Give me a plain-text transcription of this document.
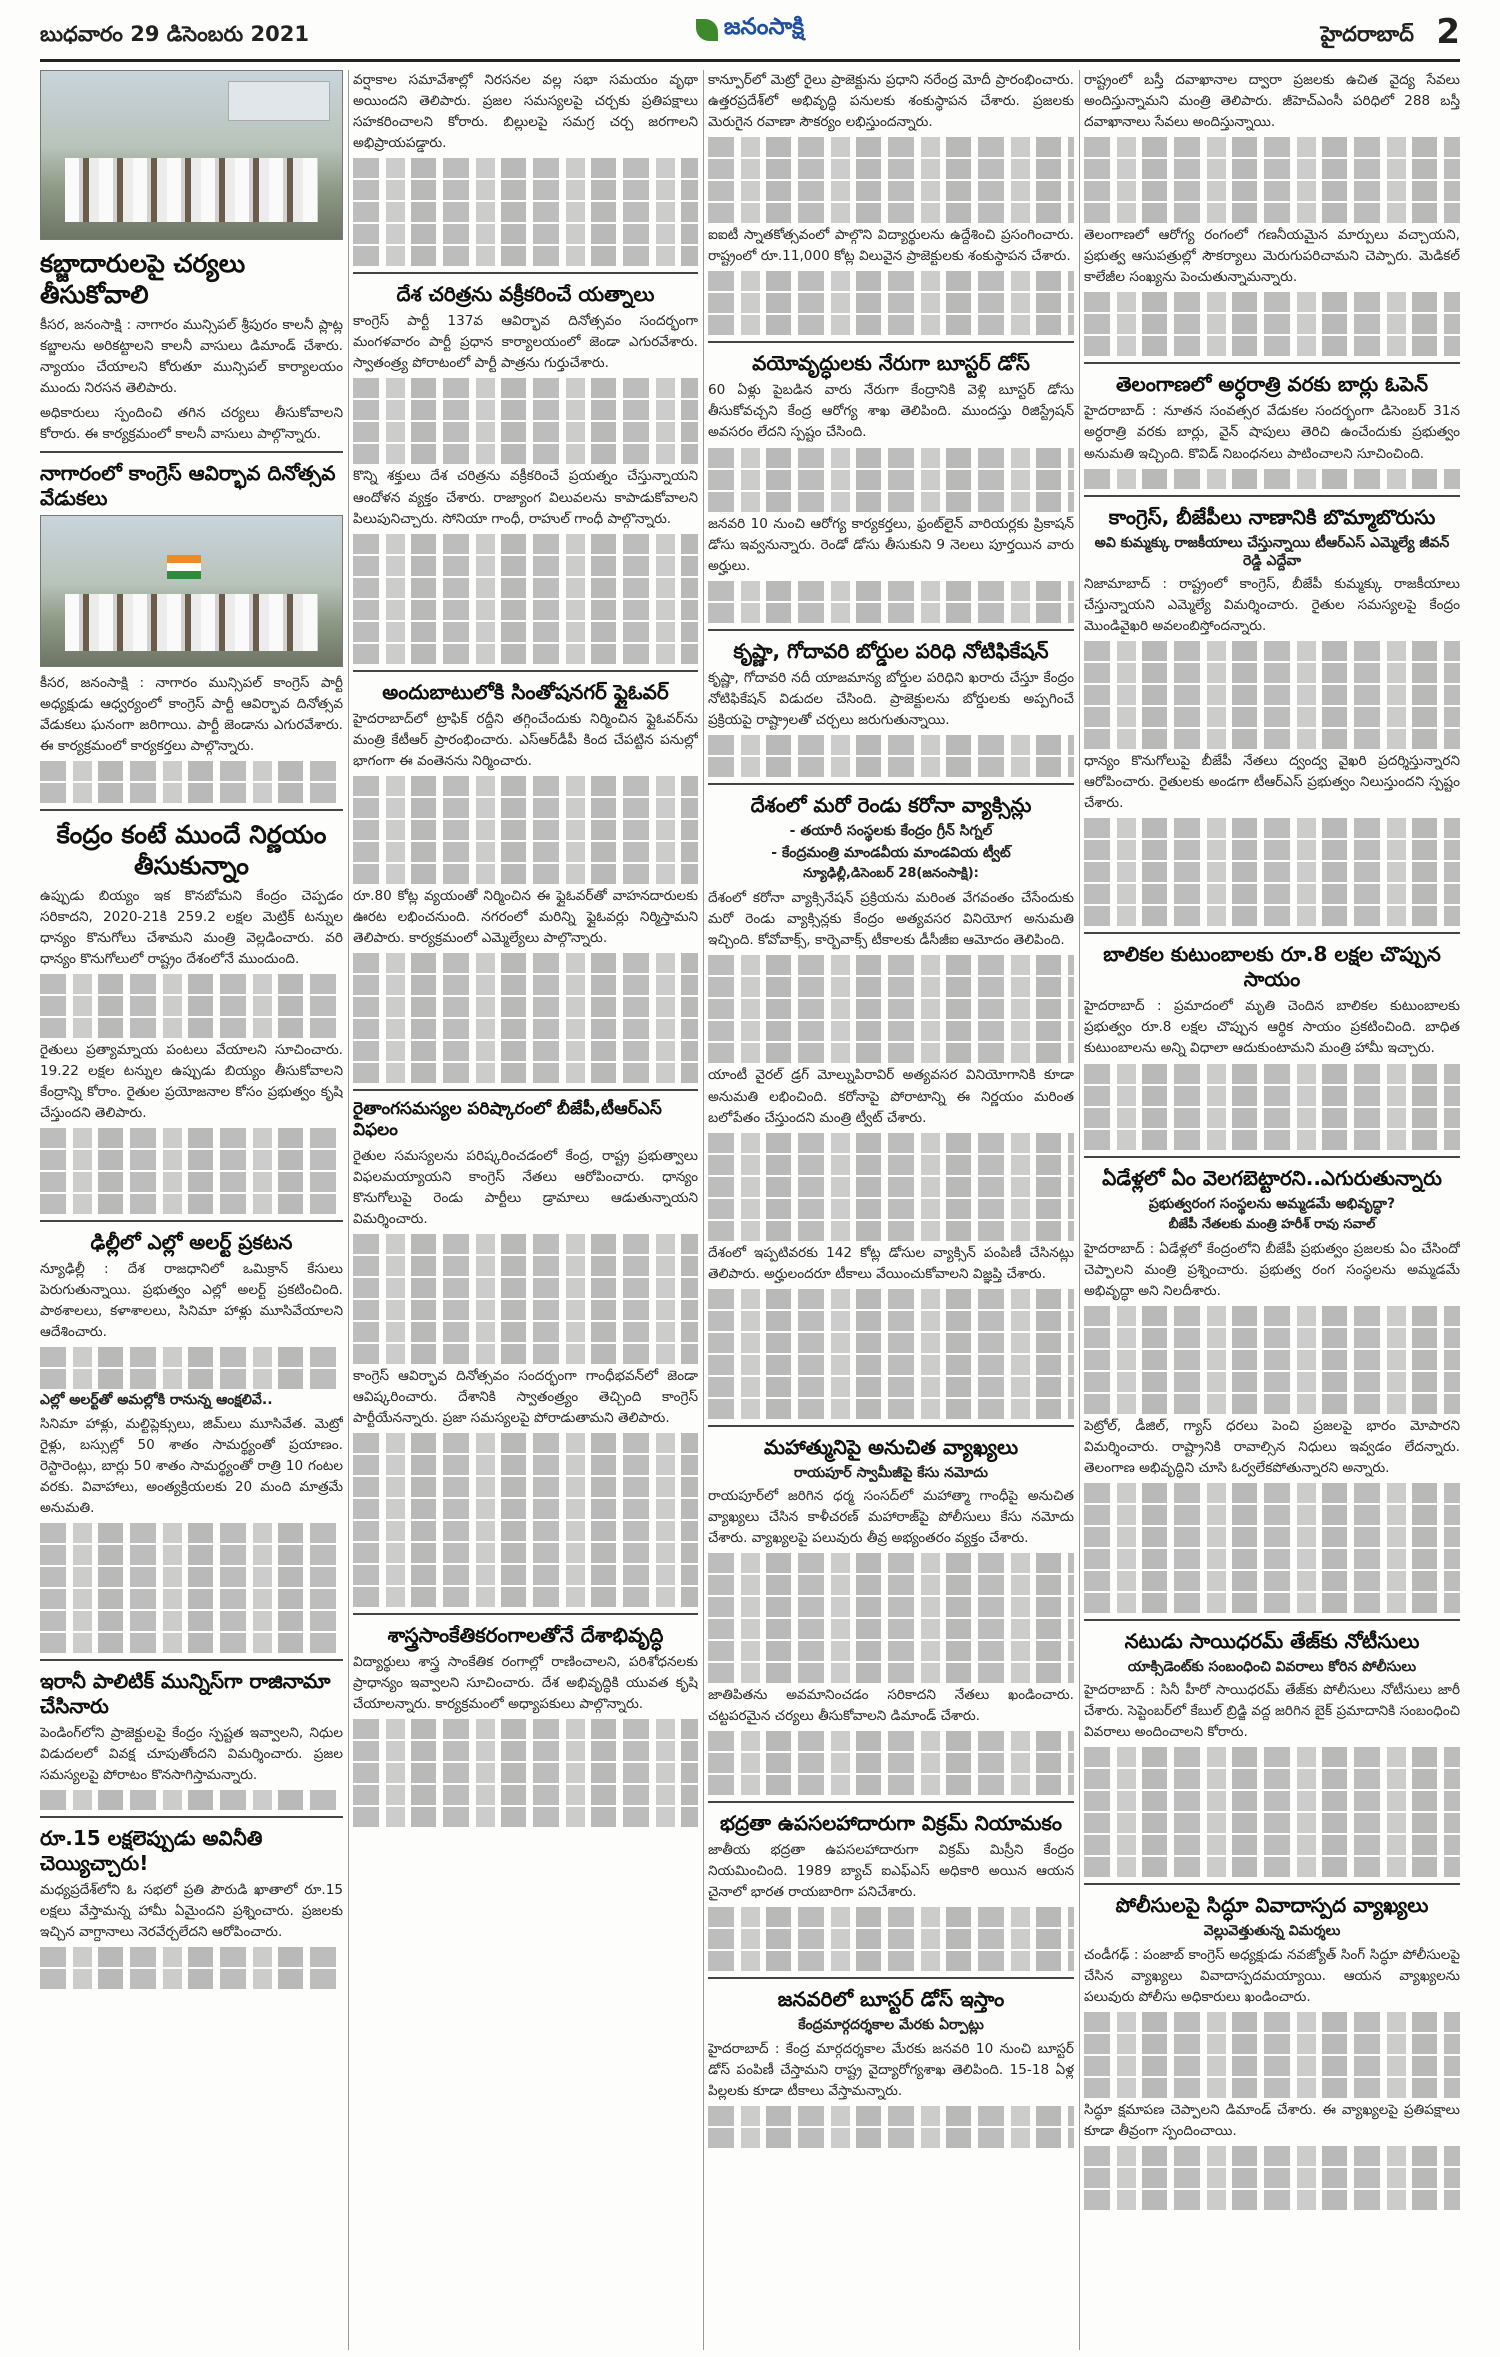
బుధవారం 29 డిసెంబరు 2021	జనంసాక్షి	హైదరాబాద్ 2
కబ్జాదారులపై చర్యలు తీసుకోవాలి

కీసర, జనంసాక్షి : నాగారం మున్సిపల్ శ్రీపురం కాలనీ ప్లాట్ల కబ్జాలను అరికట్టాలని కాలనీ వాసులు డిమాండ్ చేశారు. న్యాయం చేయాలని కోరుతూ మున్సిపల్ కార్యాలయం ముందు నిరసన తెలిపారు.

అధికారులు స్పందించి తగిన చర్యలు తీసుకోవాలని కోరారు. ఈ కార్యక్రమంలో కాలనీ వాసులు పాల్గొన్నారు.

నాగారంలో కాంగ్రెస్ ఆవిర్భావ దినోత్సవ వేడుకలు

కీసర, జనంసాక్షి : నాగారం మున్సిపల్ కాంగ్రెస్ పార్టీ అధ్యక్షుడు ఆధ్వర్యంలో కాంగ్రెస్ పార్టీ ఆవిర్భావ దినోత్సవ వేడుకలు ఘనంగా జరిగాయి. పార్టీ జెండాను ఎగురవేశారు. ఈ కార్యక్రమంలో కార్యకర్తలు పాల్గొన్నారు.

కేంద్రం కంటే ముందే నిర్ణయం తీసుకున్నాం

ఉప్పుడు బియ్యం ఇక కొనబోమని కేంద్రం చెప్పడం సరికాదని, 2020-21కి 259.2 లక్షల మెట్రిక్ టన్నుల ధాన్యం కొనుగోలు చేశామని మంత్రి వెల్లడించారు. వరి ధాన్యం కొనుగోలులో రాష్ట్రం దేశంలోనే ముందుంది.

రైతులు ప్రత్యామ్నాయ పంటలు వేయాలని సూచించారు. 19.22 లక్షల టన్నుల ఉప్పుడు బియ్యం తీసుకోవాలని కేంద్రాన్ని కోరాం. రైతుల ప్రయోజనాల కోసం ప్రభుత్వం కృషి చేస్తుందని తెలిపారు.

ఢిల్లీలో ఎల్లో అలర్ట్ ప్రకటన

న్యూఢిల్లీ : దేశ రాజధానిలో ఒమిక్రాన్ కేసులు పెరుగుతున్నాయి. ప్రభుత్వం ఎల్లో అలర్ట్ ప్రకటించింది. పాఠశాలలు, కళాశాలలు, సినిమా హాళ్లు మూసివేయాలని ఆదేశించారు.

ఎల్లో అలర్ట్‌తో అమల్లోకి రానున్న ఆంక్షలివే..

సినిమా హాళ్లు, మల్టిప్లెక్సులు, జిమ్‌లు మూసివేత. మెట్రో రైళ్లు, బస్సుల్లో 50 శాతం సామర్థ్యంతో ప్రయాణం. రెస్టారెంట్లు, బార్లు 50 శాతం సామర్థ్యంతో రాత్రి 10 గంటల వరకు. వివాహాలు, అంత్యక్రియలకు 20 మంది మాత్రమే అనుమతి.

ఇరానీ పాలిటిక్ మున్నిస్‌గా రాజినామా చేసినారు

పెండింగ్‌లోని ప్రాజెక్టులపై కేంద్రం స్పష్టత ఇవ్వాలని, నిధుల విడుదలలో వివక్ష చూపుతోందని విమర్శించారు. ప్రజల సమస్యలపై పోరాటం కొనసాగిస్తామన్నారు.

రూ.15 లక్షలెప్పుడు అవినీతి చెయ్యిచ్చారు!

మధ్యప్రదేశ్‌లోని ఓ సభలో ప్రతి పౌరుడి ఖాతాలో రూ.15 లక్షలు వేస్తామన్న హామీ ఏమైందని ప్రశ్నించారు. ప్రజలకు ఇచ్చిన వాగ్దానాలు నెరవేర్చలేదని ఆరోపించారు.

వర్షాకాల సమావేశాల్లో నిరసనల వల్ల సభా సమయం వృథా అయిందని తెలిపారు. ప్రజల సమస్యలపై చర్చకు ప్రతిపక్షాలు సహకరించాలని కోరారు. బిల్లులపై సమగ్ర చర్చ జరగాలని అభిప్రాయపడ్డారు.

దేశ చరిత్రను వక్రీకరించే యత్నాలు

కాంగ్రెస్ పార్టీ 137వ ఆవిర్భావ దినోత్సవం సందర్భంగా మంగళవారం పార్టీ ప్రధాన కార్యాలయంలో జెండా ఎగురవేశారు. స్వాతంత్ర్య పోరాటంలో పార్టీ పాత్రను గుర్తుచేశారు.

కొన్ని శక్తులు దేశ చరిత్రను వక్రీకరించే ప్రయత్నం చేస్తున్నాయని ఆందోళన వ్యక్తం చేశారు. రాజ్యాంగ విలువలను కాపాడుకోవాలని పిలుపునిచ్చారు. సోనియా గాంధీ, రాహుల్ గాంధీ పాల్గొన్నారు.

అందుబాటులోకి సింతోషనగర్ ఫ్లైఓవర్

హైదరాబాద్‌లో ట్రాఫిక్ రద్దీని తగ్గించేందుకు నిర్మించిన ఫ్లైఓవర్‌ను మంత్రి కేటీఆర్ ప్రారంభించారు. ఎస్ఆర్‌డీపీ కింద చేపట్టిన పనుల్లో భాగంగా ఈ వంతెనను నిర్మించారు.

రూ.80 కోట్ల వ్యయంతో నిర్మించిన ఈ ఫ్లైఓవర్‌తో వాహనదారులకు ఊరట లభించనుంది. నగరంలో మరిన్ని ఫ్లైఓవర్లు నిర్మిస్తామని తెలిపారు. కార్యక్రమంలో ఎమ్మెల్యేలు పాల్గొన్నారు.

రైతాంగసమస్యల పరిష్కారంలో బీజేపీ,టీఆర్ఎస్ విఫలం

రైతుల సమస్యలను పరిష్కరించడంలో కేంద్ర, రాష్ట్ర ప్రభుత్వాలు విఫలమయ్యాయని కాంగ్రెస్ నేతలు ఆరోపించారు. ధాన్యం కొనుగోలుపై రెండు పార్టీలు డ్రామాలు ఆడుతున్నాయని విమర్శించారు.

కాంగ్రెస్ ఆవిర్భావ దినోత్సవం సందర్భంగా గాంధీభవన్‌లో జెండా ఆవిష్కరించారు. దేశానికి స్వాతంత్ర్యం తెచ్చింది కాంగ్రెస్ పార్టీయేనన్నారు. ప్రజా సమస్యలపై పోరాడుతామని తెలిపారు.

శాస్త్రసాంకేతికరంగాలతోనే దేశాభివృద్ధి

విద్యార్థులు శాస్త్ర సాంకేతిక రంగాల్లో రాణించాలని, పరిశోధనలకు ప్రాధాన్యం ఇవ్వాలని సూచించారు. దేశ అభివృద్ధికి యువత కృషి చేయాలన్నారు. కార్యక్రమంలో అధ్యాపకులు పాల్గొన్నారు.

కాన్పూర్‌లో మెట్రో రైలు ప్రాజెక్టును ప్రధాని నరేంద్ర మోదీ ప్రారంభించారు. ఉత్తరప్రదేశ్‌లో అభివృద్ధి పనులకు శంకుస్థాపన చేశారు. ప్రజలకు మెరుగైన రవాణా సౌకర్యం లభిస్తుందన్నారు.

ఐఐటీ స్నాతకోత్సవంలో పాల్గొని విద్యార్థులను ఉద్దేశించి ప్రసంగించారు. రాష్ట్రంలో రూ.11,000 కోట్ల విలువైన ప్రాజెక్టులకు శంకుస్థాపన చేశారు.

వయోవృద్ధులకు నేరుగా బూస్టర్ డోస్

60 ఏళ్లు పైబడిన వారు నేరుగా కేంద్రానికి వెళ్లి బూస్టర్ డోసు తీసుకోవచ్చని కేంద్ర ఆరోగ్య శాఖ తెలిపింది. ముందస్తు రిజిస్ట్రేషన్ అవసరం లేదని స్పష్టం చేసింది.

జనవరి 10 నుంచి ఆరోగ్య కార్యకర్తలు, ఫ్రంట్‌లైన్ వారియర్లకు ప్రికాషన్ డోసు ఇవ్వనున్నారు. రెండో డోసు తీసుకుని 9 నెలలు పూర్తయిన వారు అర్హులు.

కృష్ణా, గోదావరి బోర్డుల పరిధి నోటిఫికేషన్

కృష్ణా, గోదావరి నదీ యాజమాన్య బోర్డుల పరిధిని ఖరారు చేస్తూ కేంద్రం నోటిఫికేషన్ విడుదల చేసింది. ప్రాజెక్టులను బోర్డులకు అప్పగించే ప్రక్రియపై రాష్ట్రాలతో చర్చలు జరుగుతున్నాయి.

దేశంలో మరో రెండు కరోనా వ్యాక్సిన్లు
- తయారీ సంస్థలకు కేంద్రం గ్రీన్ సిగ్నల్
- కేంద్రమంత్రి మాండవీయ మాండవియ ట్వీట్
న్యూఢిల్లీ,డిసెంబర్ 28(జనంసాక్షి):

దేశంలో కరోనా వ్యాక్సినేషన్ ప్రక్రియను మరింత వేగవంతం చేసేందుకు మరో రెండు వ్యాక్సిన్లకు కేంద్రం అత్యవసర వినియోగ అనుమతి ఇచ్చింది. కోవోవాక్స్, కార్బెవాక్స్ టీకాలకు డీసీజీఐ ఆమోదం తెలిపింది.

యాంటీ వైరల్ డ్రగ్ మోల్నుపిరావిర్ అత్యవసర వినియోగానికి కూడా అనుమతి లభించింది. కరోనాపై పోరాటాన్ని ఈ నిర్ణయం మరింత బలోపేతం చేస్తుందని మంత్రి ట్వీట్ చేశారు.

దేశంలో ఇప్పటివరకు 142 కోట్ల డోసుల వ్యాక్సిన్ పంపిణీ చేసినట్లు తెలిపారు. అర్హులందరూ టీకాలు వేయించుకోవాలని విజ్ఞప్తి చేశారు.

మహాత్మునిపై అనుచిత వ్యాఖ్యలు
రాయపూర్ స్వామీజీపై కేసు నమోదు

రాయపూర్‌లో జరిగిన ధర్మ సంసద్‌లో మహాత్మా గాంధీపై అనుచిత వ్యాఖ్యలు చేసిన కాళీచరణ్ మహారాజ్‌పై పోలీసులు కేసు నమోదు చేశారు. వ్యాఖ్యలపై పలువురు తీవ్ర అభ్యంతరం వ్యక్తం చేశారు.

జాతిపితను అవమానించడం సరికాదని నేతలు ఖండించారు. చట్టపరమైన చర్యలు తీసుకోవాలని డిమాండ్ చేశారు.

భద్రతా ఉపసలహాదారుగా విక్రమ్ నియామకం

జాతీయ భద్రతా ఉపసలహాదారుగా విక్రమ్ మిస్రీని కేంద్రం నియమించింది. 1989 బ్యాచ్ ఐఎఫ్ఎస్ అధికారి అయిన ఆయన చైనాలో భారత రాయబారిగా పనిచేశారు.

జనవరిలో బూస్టర్ డోస్ ఇస్తాం
కేంద్రమార్గదర్శకాల మేరకు ఏర్పాట్లు

హైదరాబాద్ : కేంద్ర మార్గదర్శకాల మేరకు జనవరి 10 నుంచి బూస్టర్ డోస్ పంపిణీ చేస్తామని రాష్ట్ర వైద్యారోగ్యశాఖ తెలిపింది. 15-18 ఏళ్ల పిల్లలకు కూడా టీకాలు వేస్తామన్నారు.

రాష్ట్రంలో బస్తీ దవాఖానాల ద్వారా ప్రజలకు ఉచిత వైద్య సేవలు అందిస్తున్నామని మంత్రి తెలిపారు. జీహెచ్ఎంసీ పరిధిలో 288 బస్తీ దవాఖానాలు సేవలు అందిస్తున్నాయి.

తెలంగాణలో ఆరోగ్య రంగంలో గణనీయమైన మార్పులు వచ్చాయని, ప్రభుత్వ ఆసుపత్రుల్లో సౌకర్యాలు మెరుగుపరిచామని చెప్పారు. మెడికల్ కాలేజీల సంఖ్యను పెంచుతున్నామన్నారు.

తెలంగాణలో అర్ధరాత్రి వరకు బార్లు ఓపెన్

హైదరాబాద్ : నూతన సంవత్సర వేడుకల సందర్భంగా డిసెంబర్ 31న అర్ధరాత్రి వరకు బార్లు, వైన్ షాపులు తెరిచి ఉంచేందుకు ప్రభుత్వం అనుమతి ఇచ్చింది. కొవిడ్ నిబంధనలు పాటించాలని సూచించింది.

కాంగ్రెస్, బీజేపీలు నాణానికి బొమ్మాబొరుసు
అవి కుమ్మక్కు రాజకీయాలు చేస్తున్నాయి టీఆర్ఎస్ ఎమ్మెల్యే జీవన్ రెడ్డి ఎద్దేవా

నిజామాబాద్ : రాష్ట్రంలో కాంగ్రెస్, బీజేపీ కుమ్మక్కు రాజకీయాలు చేస్తున్నాయని ఎమ్మెల్యే విమర్శించారు. రైతుల సమస్యలపై కేంద్రం మొండివైఖరి అవలంబిస్తోందన్నారు.

ధాన్యం కొనుగోలుపై బీజేపీ నేతలు ద్వంద్వ వైఖరి ప్రదర్శిస్తున్నారని ఆరోపించారు. రైతులకు అండగా టీఆర్ఎస్ ప్రభుత్వం నిలుస్తుందని స్పష్టం చేశారు.

బాలికల కుటుంబాలకు రూ.8 లక్షల చొప్పున సాయం

హైదరాబాద్ : ప్రమాదంలో మృతి చెందిన బాలికల కుటుంబాలకు ప్రభుత్వం రూ.8 లక్షల చొప్పున ఆర్థిక సాయం ప్రకటించింది. బాధిత కుటుంబాలను అన్ని విధాలా ఆదుకుంటామని మంత్రి హామీ ఇచ్చారు.

ఏడేళ్లలో ఏం వెలగబెట్టారని..ఎగురుతున్నారు
ప్రభుత్వరంగ సంస్థలను అమ్మడమే అభివృద్ధా?
బీజేపీ నేతలకు మంత్రి హరీశ్ రావు సవాల్

హైదరాబాద్ : ఏడేళ్లలో కేంద్రంలోని బీజేపీ ప్రభుత్వం ప్రజలకు ఏం చేసిందో చెప్పాలని మంత్రి ప్రశ్నించారు. ప్రభుత్వ రంగ సంస్థలను అమ్మడమే అభివృద్ధా అని నిలదీశారు.

పెట్రోల్, డీజిల్, గ్యాస్ ధరలు పెంచి ప్రజలపై భారం మోపారని విమర్శించారు. రాష్ట్రానికి రావాల్సిన నిధులు ఇవ్వడం లేదన్నారు. తెలంగాణ అభివృద్ధిని చూసి ఓర్వలేకపోతున్నారని అన్నారు.

నటుడు సాయిధరమ్ తేజ్‌కు నోటీసులు
యాక్సిడెంట్‌కు సంబంధించి వివరాలు కోరిన పోలీసులు

హైదరాబాద్ : సినీ హీరో సాయిధరమ్ తేజ్‌కు పోలీసులు నోటీసులు జారీ చేశారు. సెప్టెంబర్‌లో కేబుల్ బ్రిడ్జి వద్ద జరిగిన బైక్ ప్రమాదానికి సంబంధించి వివరాలు అందించాలని కోరారు.

పోలీసులపై సిద్ధూ వివాదాస్పద వ్యాఖ్యలు
వెల్లువెత్తుతున్న విమర్శలు

చండీగఢ్ : పంజాబ్ కాంగ్రెస్ అధ్యక్షుడు నవజ్యోత్ సింగ్ సిద్ధూ పోలీసులపై చేసిన వ్యాఖ్యలు వివాదాస్పదమయ్యాయి. ఆయన వ్యాఖ్యలను పలువురు పోలీసు అధికారులు ఖండించారు.

సిద్ధూ క్షమాపణ చెప్పాలని డిమాండ్ చేశారు. ఈ వ్యాఖ్యలపై ప్రతిపక్షాలు కూడా తీవ్రంగా స్పందించాయి.
